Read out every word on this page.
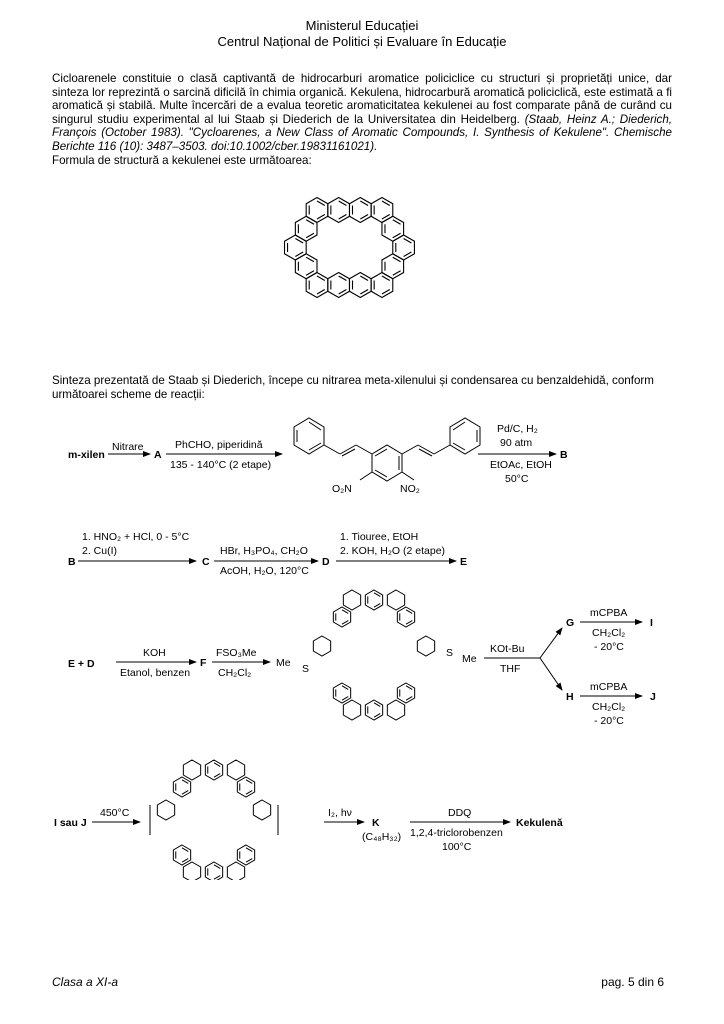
Ministerul Educației
Centrul Național de Politici și Evaluare în Educație
Cicloarenele constituie o clasă captivantă de hidrocarburi aromatice policiclice cu structuri și proprietăți unice, dar sinteza lor reprezintă o sarcină dificilă în chimia organică. Kekulena, hidrocarbură aromatică policiclică, este estimată a fi aromatică și stabilă. Multe încercări de a evalua teoretic aromaticitatea kekulenei au fost comparate până de curând cu singurul studiu experimental al lui Staab și Diederich de la Universitatea din Heidelberg. (Staab, Heinz A.; Diederich, François (October 1983). "Cycloarenes, a New Class of Aromatic Compounds, I. Synthesis of Kekulene". Chemische Berichte 116 (10): 3487–3503. doi:10.1002/cber.19831161021).
Formula de structură a kekulenei este următoarea:
Sinteza prezentată de Staab și Diederich, începe cu nitrarea meta-xilenului și condensarea cu benzaldehidă, conform următoarei scheme de reacții:
m-xilen
Nitrare
A
PhCHO, piperidină
135 - 140°C (2 etape)
O₂N	NO₂
Pd/C, H₂
90 atm
EtOAc, EtOH
50°C
B
B
1. HNO₂ + HCl, 0 - 5°C
2. Cu(I)
C
HBr, H₃PO₄, CH₂O
AcOH, H₂O, 120°C
D
1. Tiouree, EtOH
2. KOH, H₂O (2 etape)
E
E + D
KOH
Etanol, benzen
F
FSO₃Me
CH₂Cl₂
Me S
S Me
KOt-Bu
THF
G
H
mCPBA
CH₂Cl₂
- 20°C
I
mCPBA
CH₂Cl₂
- 20°C
J
I sau J
450°C	I₂, hν
K
(C₄₈H₃₂)
DDQ
1,2,4-triclorobenzen
100°C
Kekulenă
Clasa a XI-a	pag. 5 din 6
